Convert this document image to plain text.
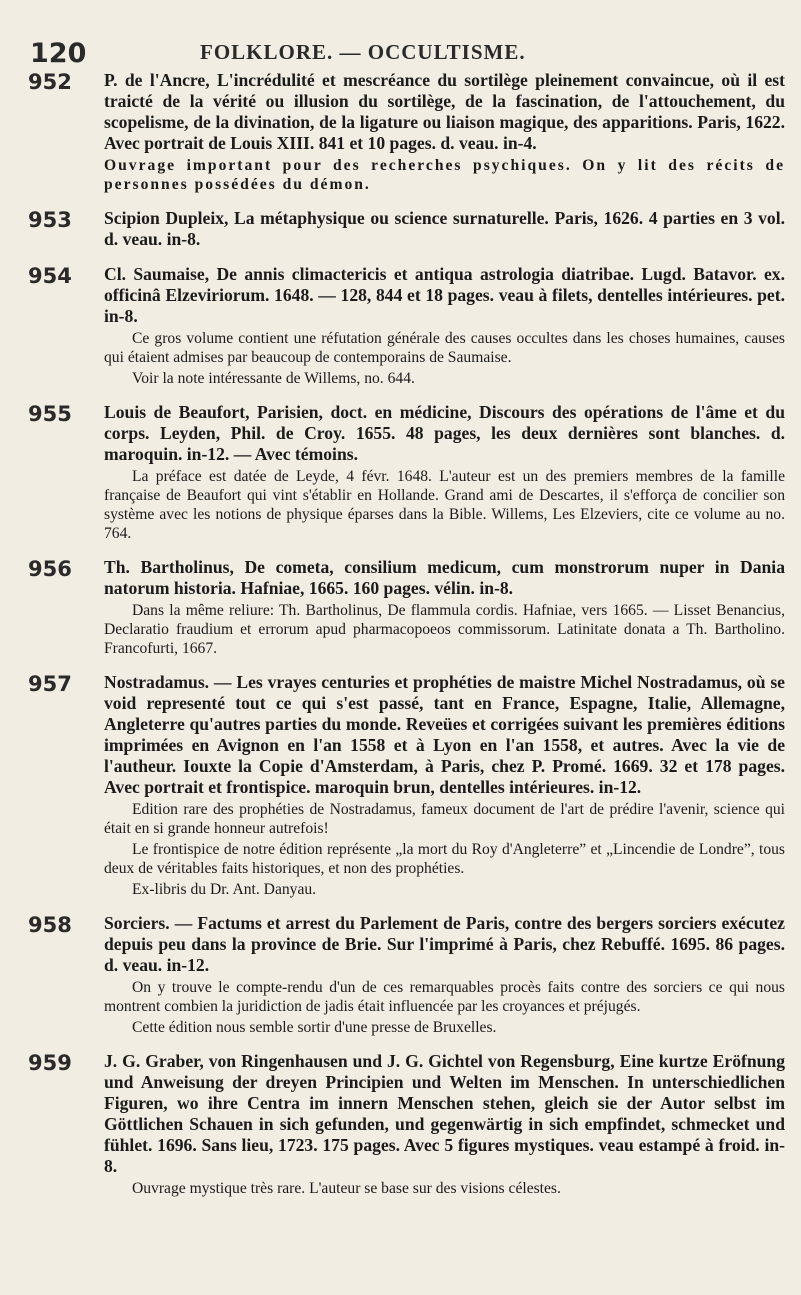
120	FOLKLORE. — OCCULTISME.
952 P. de l'Ancre, L'incrédulité et mescréance du sortilège pleinement convaincue, où il est traicté de la vérité ou illusion du sortilège, de la fascination, de l'attouchement, du scopelisme, de la divination, de la ligature ou liaison magique, des apparitions. Paris, 1622. Avec portrait de Louis XIII. 841 et 10 pages. d. veau. in-4.

Ouvrage important pour des recherches psychiques. On y lit des récits de personnes possédées du démon.

953 Scipion Dupleix, La métaphysique ou science surnaturelle. Paris, 1626. 4 parties en 3 vol. d. veau. in-8.

954 Cl. Saumaise, De annis climactericis et antiqua astrologia diatribae. Lugd. Batavor. ex. officinâ Elzeviriorum. 1648. — 128, 844 et 18 pages. veau à filets, dentelles intérieures. pet. in-8.

Ce gros volume contient une réfutation générale des causes occultes dans les choses humaines, causes qui étaient admises par beaucoup de contemporains de Saumaise.

Voir la note intéressante de Willems, no. 644.

955 Louis de Beaufort, Parisien, doct. en médicine, Discours des opérations de l'âme et du corps. Leyden, Phil. de Croy. 1655. 48 pages, les deux dernières sont blanches. d. maroquin. in-12. — Avec témoins.

La préface est datée de Leyde, 4 févr. 1648. L'auteur est un des premiers membres de la famille française de Beaufort qui vint s'établir en Hollande. Grand ami de Descartes, il s'efforça de concilier son système avec les notions de physique éparses dans la Bible. Willems, Les Elzeviers, cite ce volume au no. 764.

956 Th. Bartholinus, De cometa, consilium medicum, cum monstrorum nuper in Dania natorum historia. Hafniae, 1665. 160 pages. vélin. in-8.

Dans la même reliure: Th. Bartholinus, De flammula cordis. Hafniae, vers 1665. — Lisset Benancius, Declaratio fraudium et errorum apud pharmacopoeos commissorum. Latinitate donata a Th. Bartholino. Francofurti, 1667.

957 Nostradamus. — Les vrayes centuries et prophéties de maistre Michel Nostradamus, où se void representé tout ce qui s'est passé, tant en France, Espagne, Italie, Allemagne, Angleterre qu'autres parties du monde. Reveües et corrigées suivant les premières éditions imprimées en Avignon en l'an 1558 et à Lyon en l'an 1558, et autres. Avec la vie de l'autheur. Iouxte la Copie d'Amsterdam, à Paris, chez P. Promé. 1669. 32 et 178 pages. Avec portrait et frontispice. maroquin brun, dentelles intérieures. in-12.

Edition rare des prophéties de Nostradamus, fameux document de l'art de prédire l'avenir, science qui était en si grande honneur autrefois!

Le frontispice de notre édition représente „la mort du Roy d'Angleterre” et „Lincendie de Londre”, tous deux de véritables faits historiques, et non des prophéties.

Ex-libris du Dr. Ant. Danyau.

958 Sorciers. — Factums et arrest du Parlement de Paris, contre des bergers sorciers exécutez depuis peu dans la province de Brie. Sur l'imprimé à Paris, chez Rebuffé. 1695. 86 pages. d. veau. in-12.

On y trouve le compte-rendu d'un de ces remarquables procès faits contre des sorciers ce qui nous montrent combien la juridiction de jadis était influencée par les croyances et préjugés.

Cette édition nous semble sortir d'une presse de Bruxelles.

959 J. G. Graber, von Ringenhausen und J. G. Gichtel von Regensburg, Eine kurtze Eröfnung und Anweisung der dreyen Principien und Welten im Menschen. In unterschiedlichen Figuren, wo ihre Centra im innern Menschen stehen, gleich sie der Autor selbst im Göttlichen Schauen in sich gefunden, und gegenwärtig in sich empfindet, schmecket und fühlet. 1696. Sans lieu, 1723. 175 pages. Avec 5 figures mystiques. veau estampé à froid. in-8.

Ouvrage mystique très rare. L'auteur se base sur des visions célestes.
